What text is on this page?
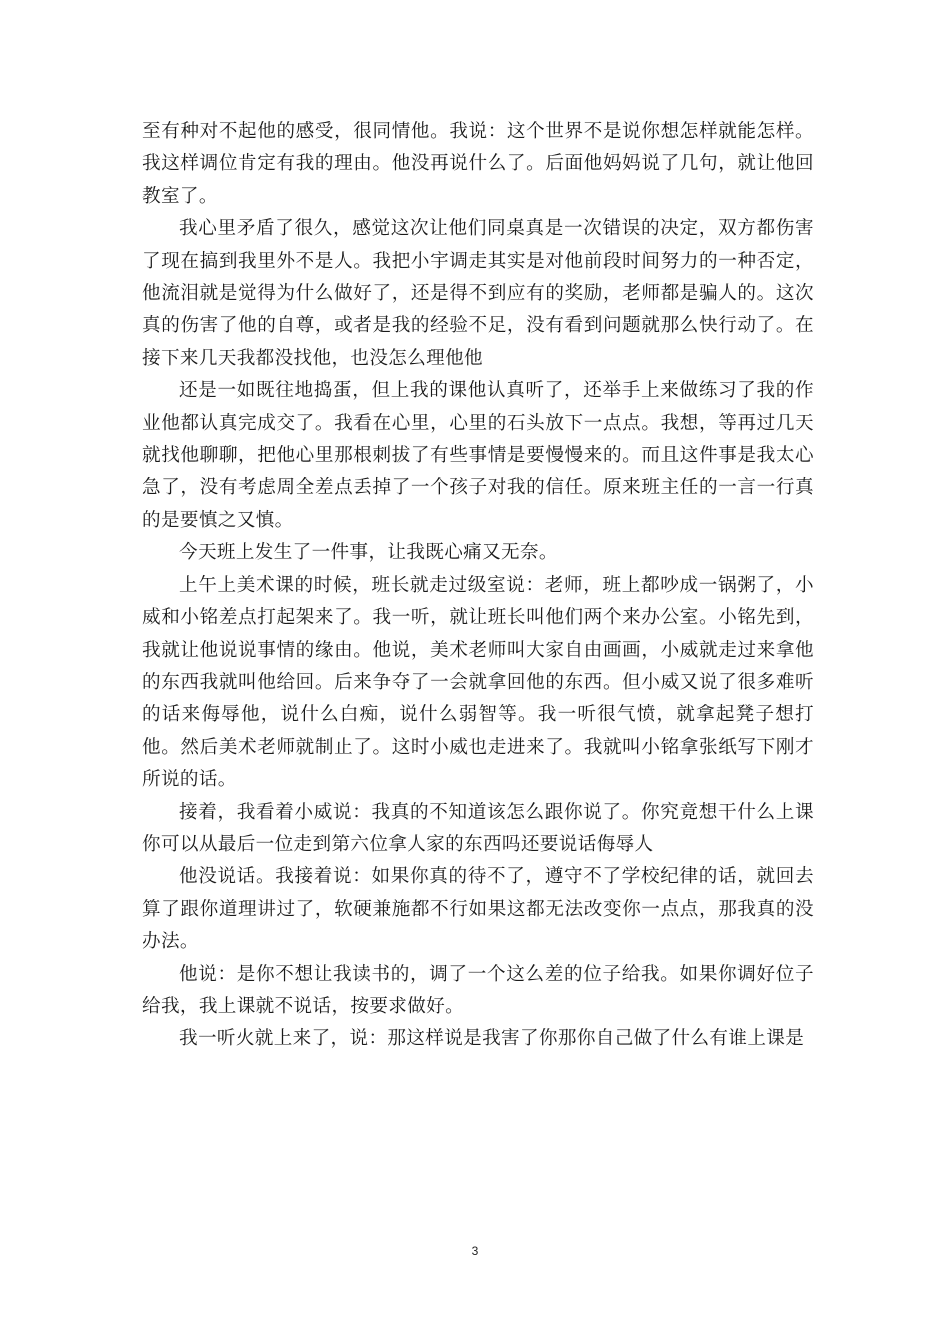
至有种对不起他的感受，很同情他。我说：这个世界不是说你想怎样就能怎样。我这样调位肯定有我的理由。他没再说什么了。后面他妈妈说了几句，就让他回教室了。

我心里矛盾了很久，感觉这次让他们同桌真是一次错误的决定，双方都伤害了现在搞到我里外不是人。我把小宇调走其实是对他前段时间努力的一种否定，他流泪就是觉得为什么做好了，还是得不到应有的奖励，老师都是骗人的。这次真的伤害了他的自尊，或者是我的经验不足，没有看到问题就那么快行动了。在接下来几天我都没找他，也没怎么理他他

还是一如既往地捣蛋，但上我的课他认真听了，还举手上来做练习了我的作业他都认真完成交了。我看在心里，心里的石头放下一点点。我想，等再过几天就找他聊聊，把他心里那根刺拔了有些事情是要慢慢来的。而且这件事是我太心急了，没有考虑周全差点丢掉了一个孩子对我的信任。原来班主任的一言一行真的是要慎之又慎。

今天班上发生了一件事，让我既心痛又无奈。

上午上美术课的时候，班长就走过级室说：老师，班上都吵成一锅粥了，小威和小铭差点打起架来了。我一听，就让班长叫他们两个来办公室。小铭先到，我就让他说说事情的缘由。他说，美术老师叫大家自由画画，小威就走过来拿他的东西我就叫他给回。后来争夺了一会就拿回他的东西。但小威又说了很多难听的话来侮辱他，说什么白痴，说什么弱智等。我一听很气愤，就拿起凳子想打他。然后美术老师就制止了。这时小威也走进来了。我就叫小铭拿张纸写下刚才所说的话。

接着，我看着小威说：我真的不知道该怎么跟你说了。你究竟想干什么上课你可以从最后一位走到第六位拿人家的东西吗还要说话侮辱人

他没说话。我接着说：如果你真的待不了，遵守不了学校纪律的话，就回去算了跟你道理讲过了，软硬兼施都不行如果这都无法改变你一点点，那我真的没办法。

他说：是你不想让我读书的，调了一个这么差的位子给我。如果你调好位子给我，我上课就不说话，按要求做好。

我一听火就上来了，说：那这样说是我害了你那你自己做了什么有谁上课是

3
